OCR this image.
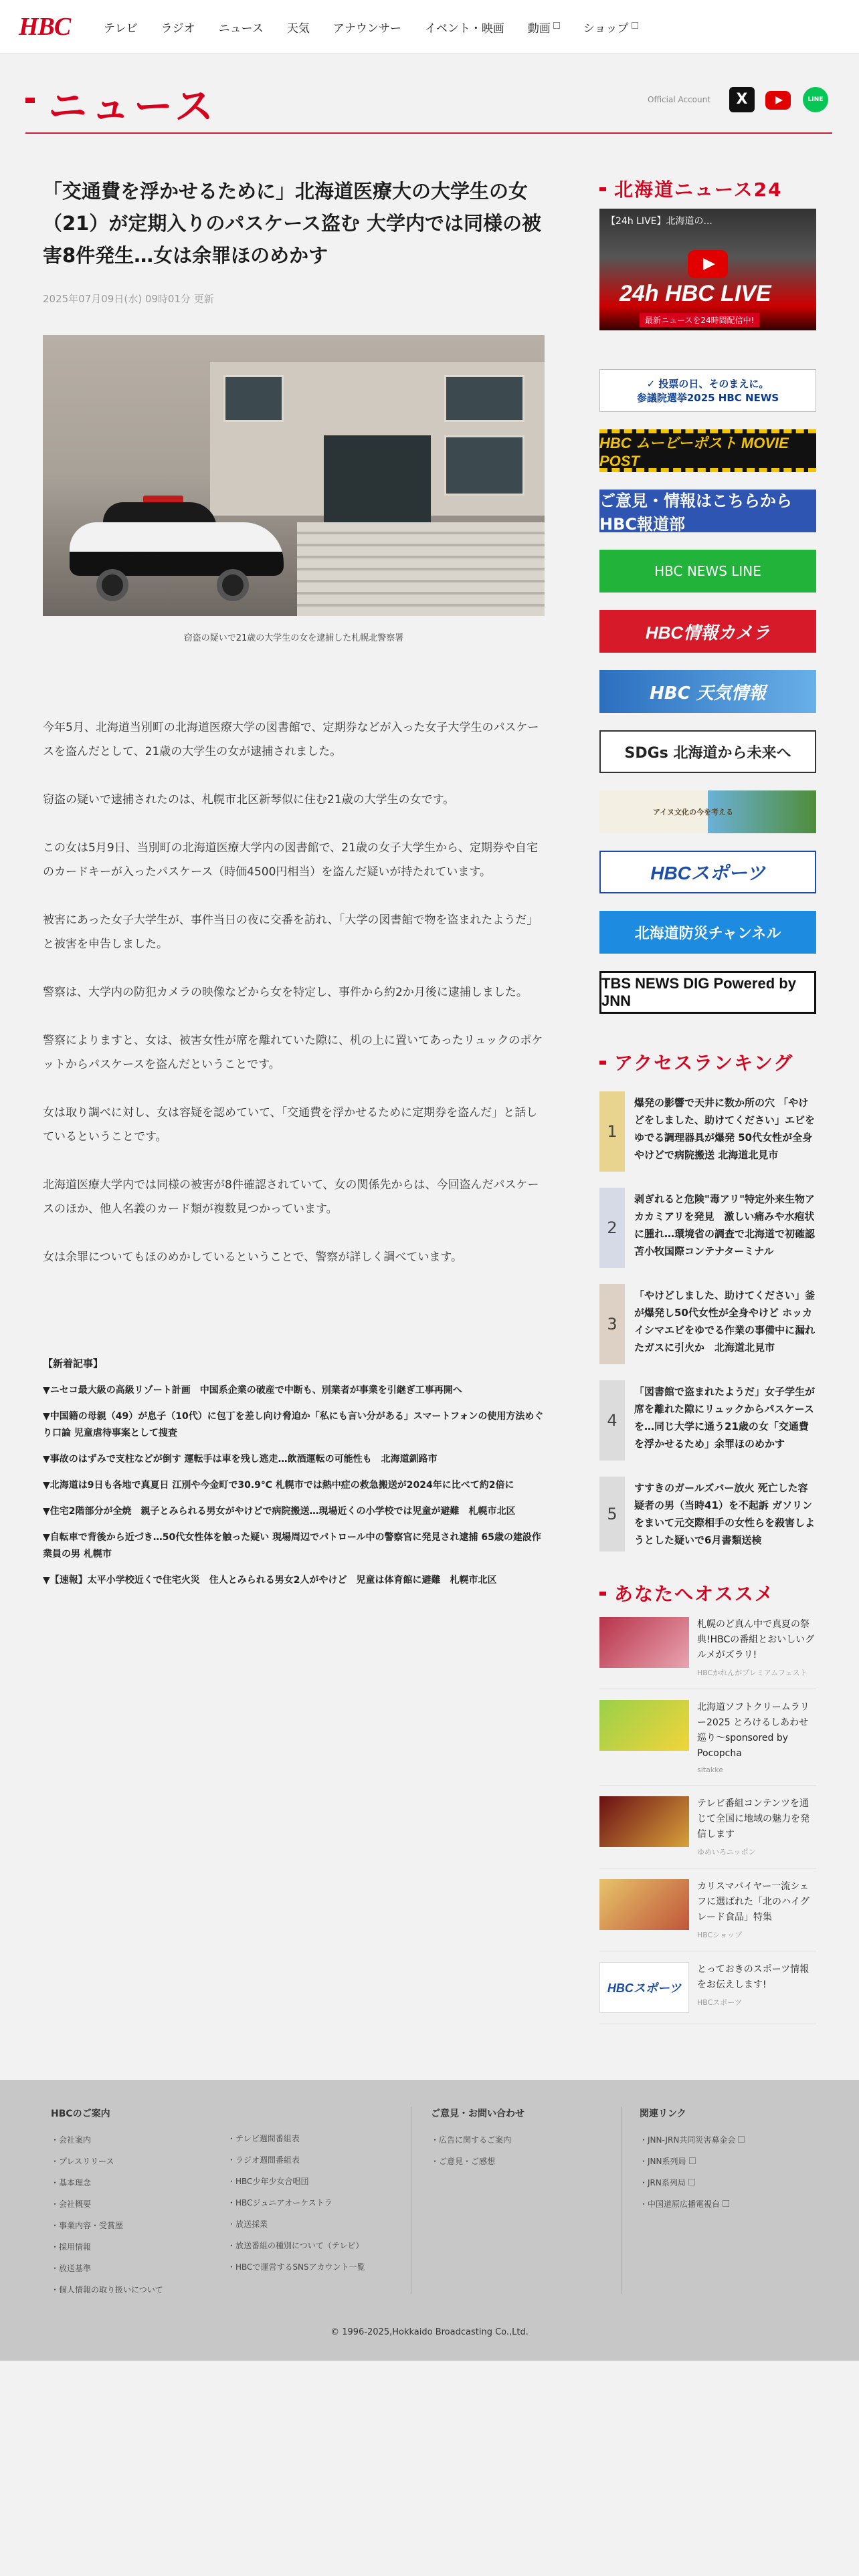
HBC	テレビ ラジオ ニュース 天気 アナウンサー イベント・映画 動画	ショップ
ニュース	Official Account	X	LINE
「交通費を浮かせるために」北海道医療大の大学生の女（21）が定期入りのパスケース盗む 大学内では同様の被害8件発生…女は余罪ほのめかす
2025年07月09日(水) 09時01分 更新
POLICE
窃盗の疑いで21歳の大学生の女を逮捕した札幌北警察署

今年5月、北海道当別町の北海道医療大学の図書館で、定期券などが入った女子大学生のパスケースを盗んだとして、21歳の大学生の女が逮捕されました。

窃盗の疑いで逮捕されたのは、札幌市北区新琴似に住む21歳の大学生の女です。

この女は5月9日、当別町の北海道医療大学内の図書館で、21歳の女子大学生から、定期券や自宅のカードキーが入ったパスケース（時価4500円相当）を盗んだ疑いが持たれています。

被害にあった女子大学生が、事件当日の夜に交番を訪れ、「大学の図書館で物を盗まれたようだ」と被害を申告しました。

警察は、大学内の防犯カメラの映像などから女を特定し、事件から約2か月後に逮捕しました。

警察によりますと、女は、被害女性が席を離れていた隙に、机の上に置いてあったリュックのポケットからパスケースを盗んだということです。

女は取り調べに対し、女は容疑を認めていて、「交通費を浮かせるために定期券を盗んだ」と話しているということです。

北海道医療大学内では同様の被害が8件確認されていて、女の関係先からは、今回盗んだパスケースのほか、他人名義のカード類が複数見つかっています。

女は余罪についてもほのめかしているということで、警察が詳しく調べています。

【新着記事】
▼ニセコ最大級の高級リゾート計画　中国系企業の破産で中断も、別業者が事業を引継ぎ工事再開へ
▼中国籍の母親（49）が息子（10代）に包丁を差し向け脅迫か「私にも言い分がある」スマートフォンの使用方法めぐり口論 児童虐待事案として捜査
▼事故のはずみで支柱などが倒す 運転手は車を残し逃走…飲酒運転の可能性も　北海道釧路市
▼北海道は9日も各地で真夏日 江別や今金町で30.9℃ 札幌市では熱中症の救急搬送が2024年に比べて約2倍に
▼住宅2階部分が全焼　親子とみられる男女がやけどで病院搬送…現場近くの小学校では児童が避難　札幌市北区
▼自転車で背後から近づき…50代女性体を触った疑い 現場周辺でパトロール中の警察官に発見され逮捕 65歳の建設作業員の男 札幌市
▼【速報】太平小学校近くで住宅火災　住人とみられる男女2人がやけど　児童は体育館に避難　札幌市北区
北海道ニュース24
【24h LIVE】北海道の...
24h HBC LIVE
最新ニュースを24時間配信中!
✓ 投票の日、そのまえに。
参議院選挙2025 HBC NEWS
HBC ムービーポスト MOVIE POST
ご意見・情報はこちらから HBC報道部
HBC NEWS LINE
HBC情報カメラ
HBC 天気情報
SDGs 北海道から未来へ
アイヌ文化の今を考える
HBCスポーツ
北海道防災チャンネル
TBS NEWS DIG Powered by JNN
アクセスランキング
1
爆発の影響で天井に数か所の穴 「やけどをしました、助けてください」エビをゆでる調理器具が爆発 50代女性が全身やけどで病院搬送 北海道北見市
2
剥ぎれると危険"毒アリ"特定外来生物アカカミアリを発見　激しい痛みや水疱状に腫れ…環境省の調査で北海道で初確認　苫小牧国際コンテナターミナル
3
「やけどしました、助けてください」釜が爆発し50代女性が全身やけど ホッカイシマエビをゆでる作業の事備中に漏れたガスに引火か　北海道北見市
4
「図書館で盗まれたようだ」女子学生が席を離れた隙にリュックからパスケースを…同じ大学に通う21歳の女「交通費を浮かせるため」余罪ほのめかす
5
すすきのガールズバー放火 死亡した容疑者の男（当時41）を不起訴 ガソリンをまいて元交際相手の女性らを殺害しようとした疑いで6月書類送検
あなたへオススメ
札幌のど真ん中で真夏の祭典!HBCの番組とおいしいグルメがズラリ!
HBCかれんがプレミアムフェスト
北海道ソフトクリームラリー2025 とろけるしあわせ巡り～sponsored by Pocopcha
sitakke
テレビ番組コンテンツを通じて全国に地域の魅力を発信します
ゆめいろニッポン
カリスマバイヤー一流シェフに選ばれた「北のハイグレード食品」特集
HBCショップ
HBCスポーツ
とっておきのスポーツ情報をお伝えします!
HBCスポーツ
HBCのご案内
・ 会社案内
・ プレスリリース
・ 基本理念
・ 会社概要
・ 事業内容・受賞歴
・ 採用情報
・ 放送基準
・ 個人情報の取り扱いについて
・ テレビ週間番組表
・ ラジオ週間番組表
・ HBC少年少女合唱団
・ HBCジュニアオーケストラ
・ 放送採業
・ 放送番組の種別について（テレビ）
・ HBCで運営するSNSアカウント一覧
ご意見・お問い合わせ
・ 広告に関するご案内
・ ご意見・ご感想
関連リンク
・ JNN-JRN共同災害募金会
・ JNN系列局
・ JRN系列局
・ 中国道原広播電視台
© 1996-2025,Hokkaido Broadcasting Co.,Ltd.
